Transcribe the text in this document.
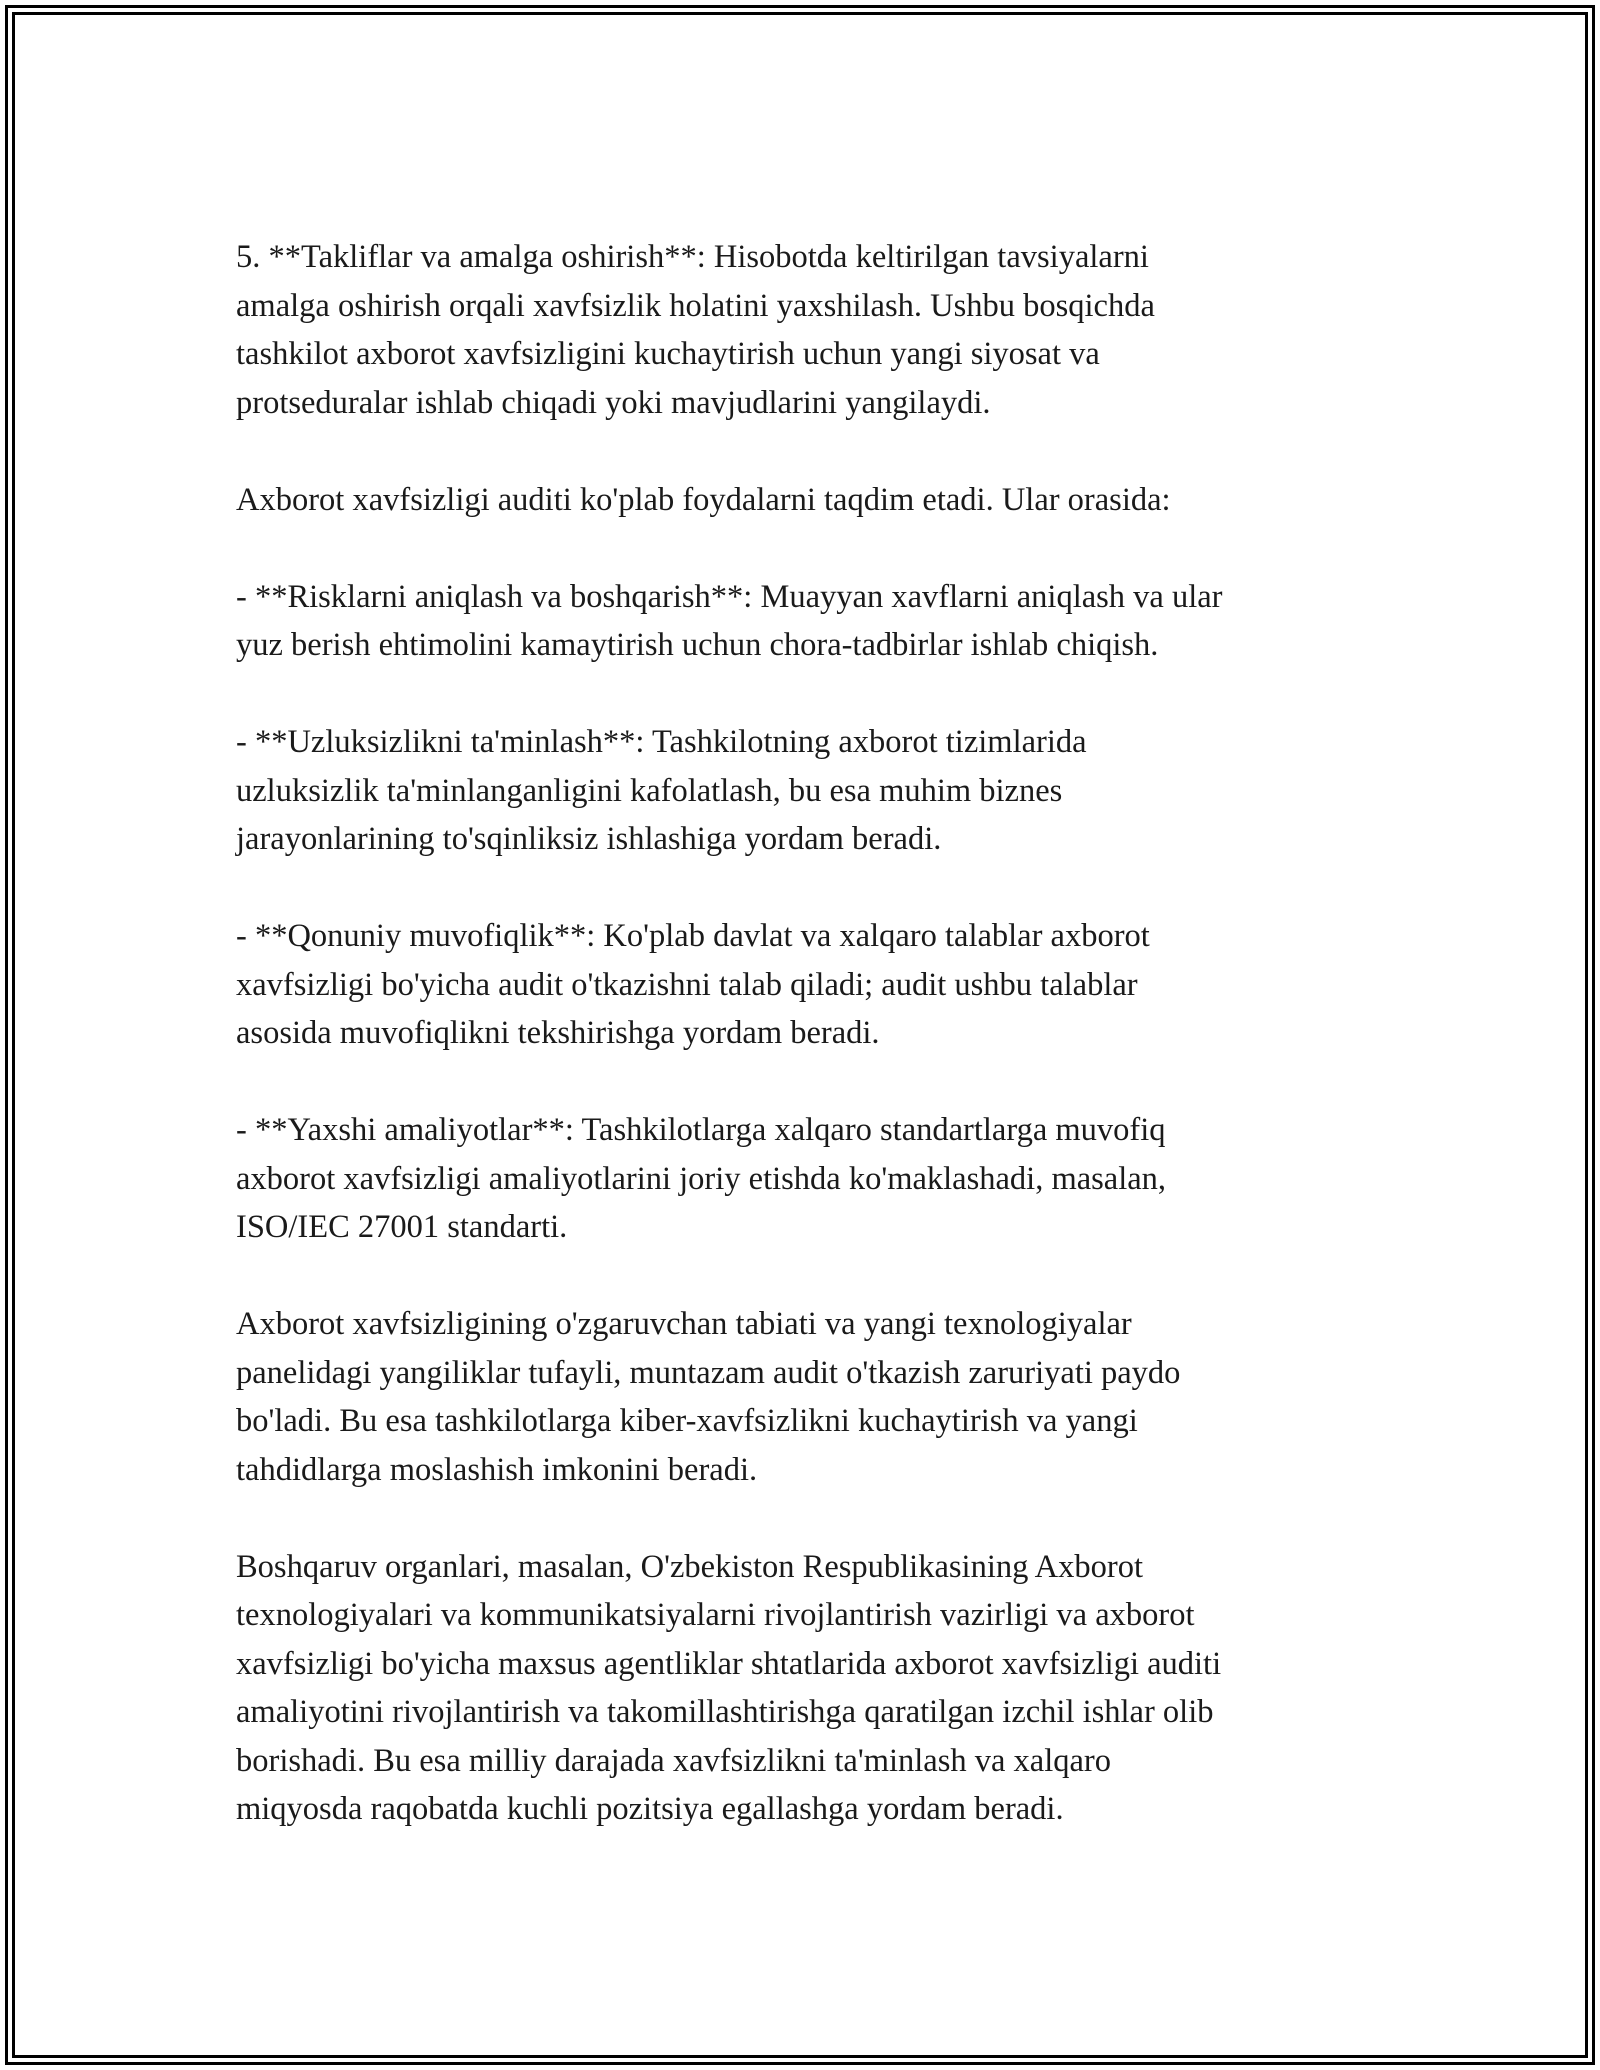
5. **Takliflar va amalga oshirish**: Hisobotda keltirilgan tavsiyalarni
amalga oshirish orqali xavfsizlik holatini yaxshilash. Ushbu bosqichda
tashkilot axborot xavfsizligini kuchaytirish uchun yangi siyosat va
protseduralar ishlab chiqadi yoki mavjudlarini yangilaydi.

Axborot xavfsizligi auditi ko'plab foydalarni taqdim etadi. Ular orasida:

- **Risklarni aniqlash va boshqarish**: Muayyan xavflarni aniqlash va ular
yuz berish ehtimolini kamaytirish uchun chora-tadbirlar ishlab chiqish.

- **Uzluksizlikni ta'minlash**: Tashkilotning axborot tizimlarida
uzluksizlik ta'minlanganligini kafolatlash, bu esa muhim biznes
jarayonlarining to'sqinliksiz ishlashiga yordam beradi.

- **Qonuniy muvofiqlik**: Ko'plab davlat va xalqaro talablar axborot
xavfsizligi bo'yicha audit o'tkazishni talab qiladi; audit ushbu talablar
asosida muvofiqlikni tekshirishga yordam beradi.

- **Yaxshi amaliyotlar**: Tashkilotlarga xalqaro standartlarga muvofiq
axborot xavfsizligi amaliyotlarini joriy etishda ko'maklashadi, masalan,
ISO/IEC 27001 standarti.

Axborot xavfsizligining o'zgaruvchan tabiati va yangi texnologiyalar
panelidagi yangiliklar tufayli, muntazam audit o'tkazish zaruriyati paydo
bo'ladi. Bu esa tashkilotlarga kiber-xavfsizlikni kuchaytirish va yangi
tahdidlarga moslashish imkonini beradi.

Boshqaruv organlari, masalan, O'zbekiston Respublikasining Axborot
texnologiyalari va kommunikatsiyalarni rivojlantirish vazirligi va axborot
xavfsizligi bo'yicha maxsus agentliklar shtatlarida axborot xavfsizligi auditi
amaliyotini rivojlantirish va takomillashtirishga qaratilgan izchil ishlar olib
borishadi. Bu esa milliy darajada xavfsizlikni ta'minlash va xalqaro
miqyosda raqobatda kuchli pozitsiya egallashga yordam beradi.
